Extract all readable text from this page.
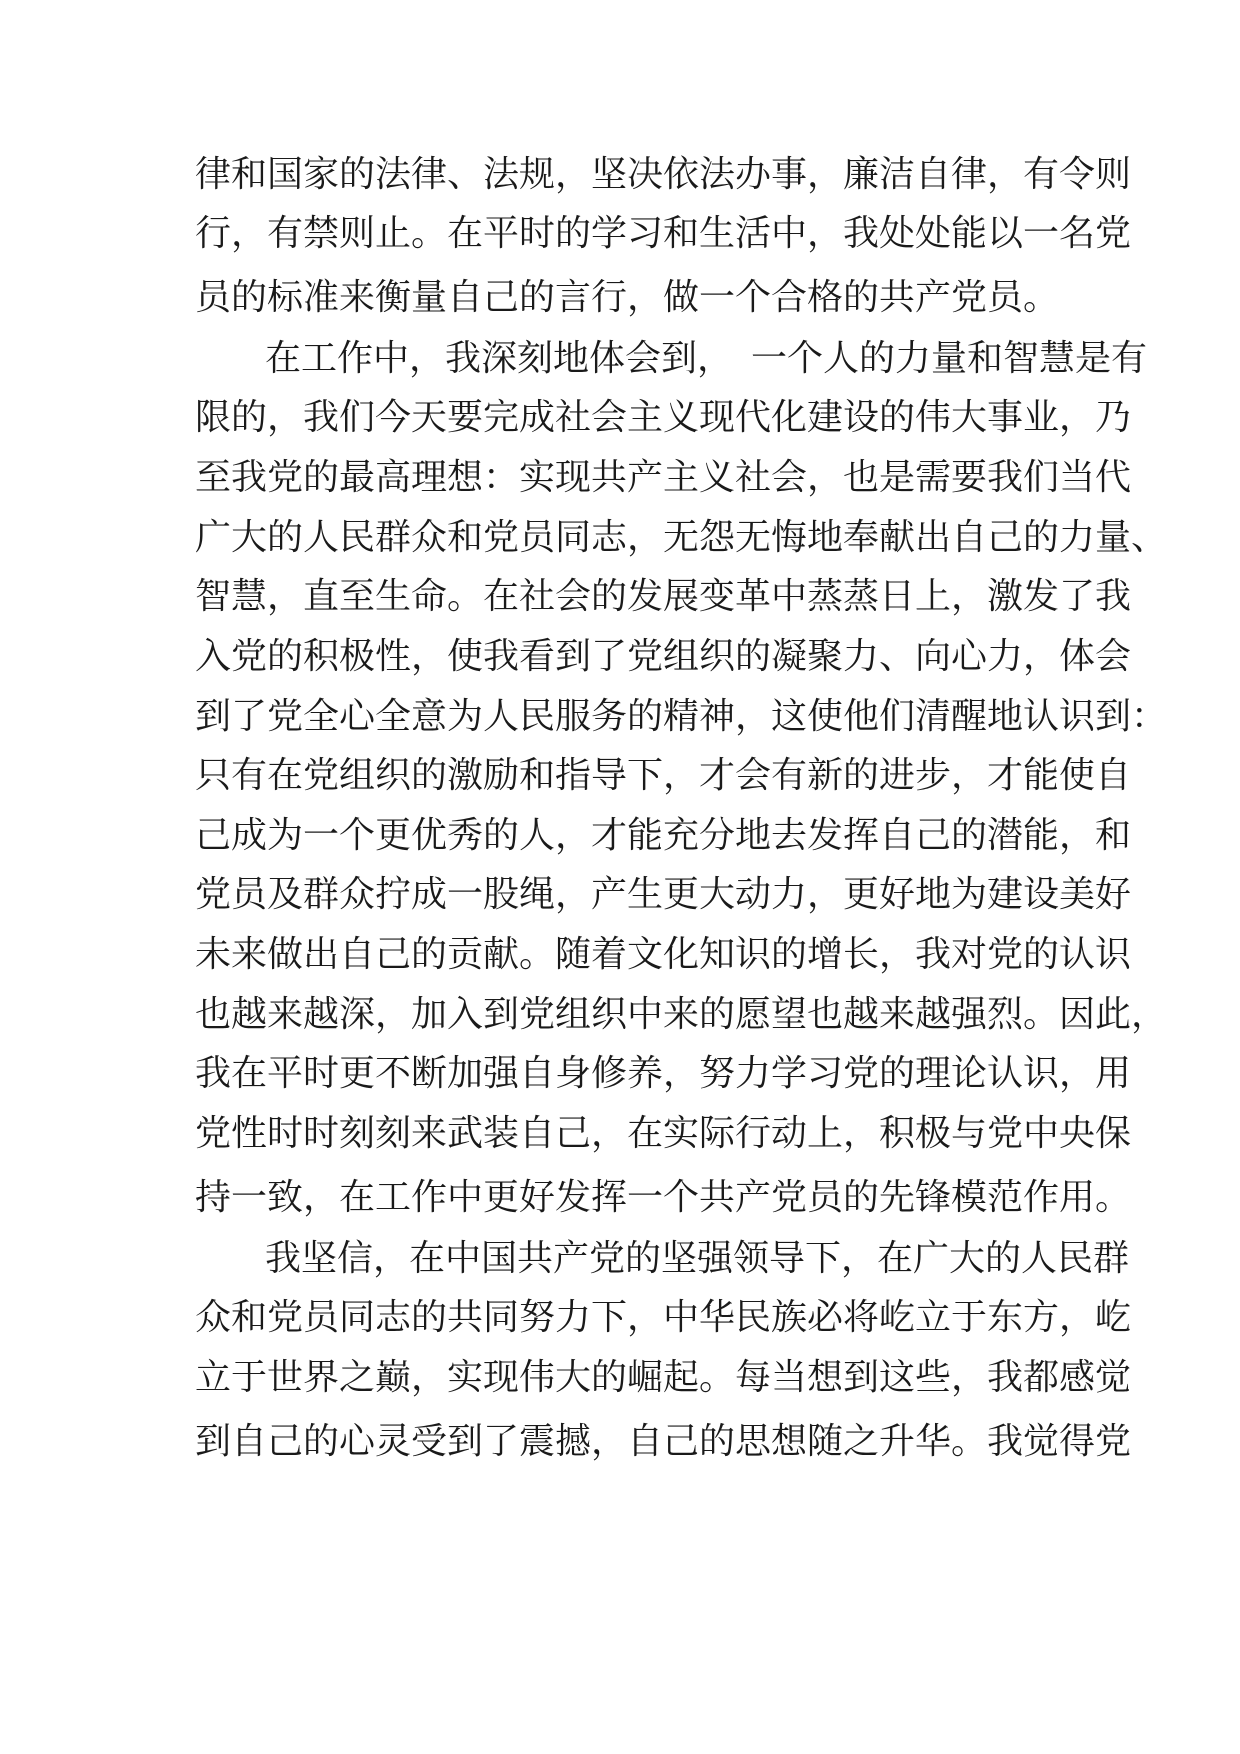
律和国家的法律、法规，坚决依法办事，廉洁自律，有令则
行，有禁则止。在平时的学习和生活中，我处处能以一名党
员的标准来衡量自己的言行，做一个合格的共产党员。
在工作中，我深刻地体会到，　一个人的力量和智慧是有
限的，我们今天要完成社会主义现代化建设的伟大事业，乃
至我党的最高理想：实现共产主义社会，也是需要我们当代
广大的人民群众和党员同志，无怨无悔地奉献出自己的力量、
智慧，直至生命。在社会的发展变革中蒸蒸日上，激发了我
入党的积极性，使我看到了党组织的凝聚力、向心力，体会
到了党全心全意为人民服务的精神，这使他们清醒地认识到：
只有在党组织的激励和指导下，才会有新的进步，才能使自
己成为一个更优秀的人，才能充分地去发挥自己的潜能，和
党员及群众拧成一股绳，产生更大动力，更好地为建设美好
未来做出自己的贡献。随着文化知识的增长，我对党的认识
也越来越深，加入到党组织中来的愿望也越来越强烈。因此，
我在平时更不断加强自身修养，努力学习党的理论认识，用
党性时时刻刻来武装自己，在实际行动上，积极与党中央保
持一致，在工作中更好发挥一个共产党员的先锋模范作用。
我坚信，在中国共产党的坚强领导下，在广大的人民群
众和党员同志的共同努力下，中华民族必将屹立于东方，屹
立于世界之巅，实现伟大的崛起。每当想到这些，我都感觉
到自己的心灵受到了震撼，自己的思想随之升华。我觉得党
